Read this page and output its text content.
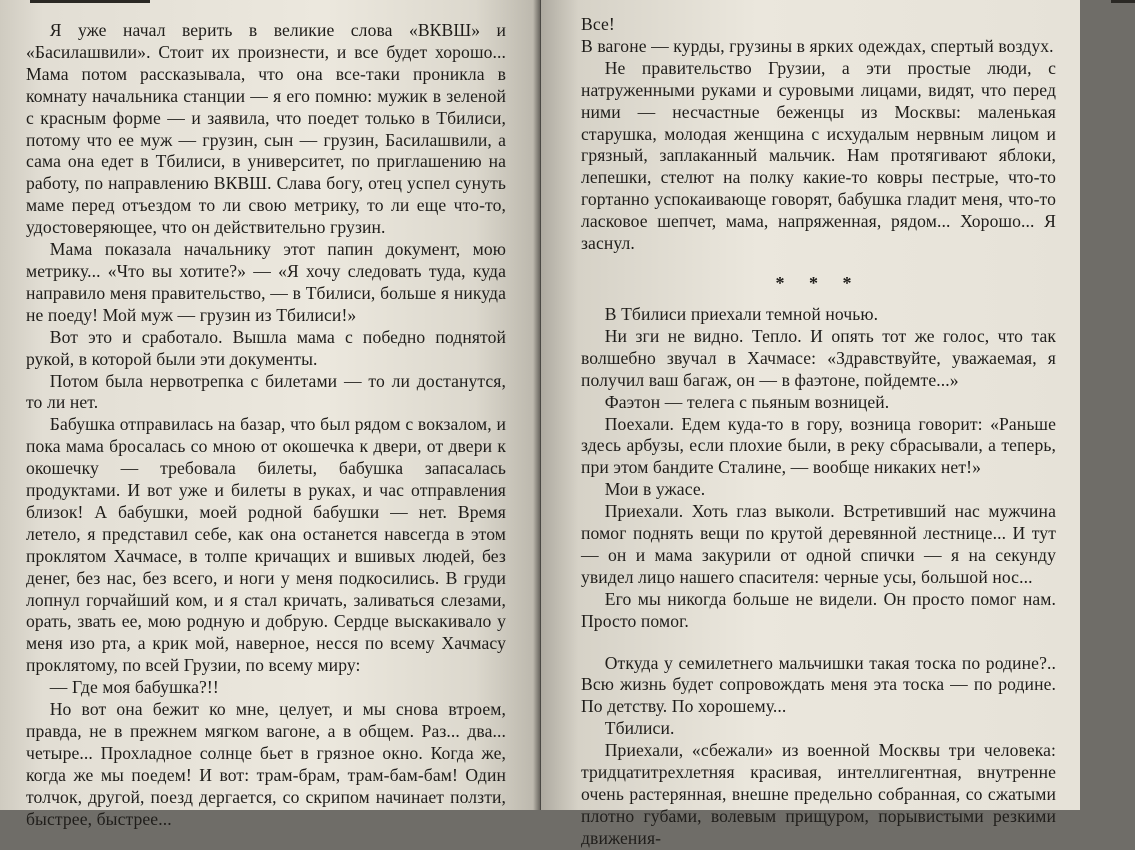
Я уже начал верить в великие слова «ВКВШ» и «Басилашвили». Стоит их произнести, и все будет хорошо... Мама потом рассказывала, что она все-таки проникла в комнату начальника станции — я его помню: мужик в зеленой с красным форме — и заявила, что поедет только в Тбилиси, потому что ее муж — грузин, сын — грузин, Басилашвили, а сама она едет в Тбилиси, в университет, по приглашению на работу, по направлению ВКВШ. Слава богу, отец успел сунуть маме перед отъездом то ли свою метрику, то ли еще что-то, удостоверяющее, что он действительно грузин.

Мама показала начальнику этот папин документ, мою метрику... «Что вы хотите?» — «Я хочу следовать туда, куда направило меня правительство, — в Тбилиси, больше я никуда не поеду! Мой муж — грузин из Тбилиси!»

Вот это и сработало. Вышла мама с победно поднятой рукой, в которой были эти документы.

Потом была нервотрепка с билетами — то ли достанутся, то ли нет.

Бабушка отправилась на базар, что был рядом с вокзалом, и пока мама бросалась со мною от окошечка к двери, от двери к окошечку — требовала билеты, бабушка запасалась продуктами. И вот уже и билеты в руках, и час отправления близок! А бабушки, моей родной бабушки — нет. Время летело, я представил себе, как она останется навсегда в этом проклятом Хачмасе, в толпе кричащих и вшивых людей, без денег, без нас, без всего, и ноги у меня подкосились. В груди лопнул горчайший ком, и я стал кричать, заливаться слезами, орать, звать ее, мою родную и добрую. Сердце выскакивало у меня изо рта, а крик мой, наверное, несся по всему Хачмасу проклятому, по всей Грузии, по всему миру:

— Где моя бабушка?!!

Но вот она бежит ко мне, целует, и мы снова втроем, правда, не в прежнем мягком вагоне, а в общем. Раз... два... четыре... Прохладное солнце бьет в грязное окно. Когда же, когда же мы поедем! И вот: трам-брам, трам-бам-бам! Один толчок, другой, поезд дергается, со скрипом начинает ползти, быстрее, быстрее...

Все!

В вагоне — курды, грузины в ярких одеждах, спертый воздух.

Не правительство Грузии, а эти простые люди, с натруженными руками и суровыми лицами, видят, что перед ними — несчастные беженцы из Москвы: маленькая старушка, молодая женщина с исхудалым нервным лицом и грязный, заплаканный мальчик. Нам протягивают яблоки, лепешки, стелют на полку какие-то ковры пестрые, что-то гортанно успокаивающе говорят, бабушка гладит меня, что-то ласковое шепчет, мама, напряженная, рядом... Хорошо... Я заснул.

* * *

В Тбилиси приехали темной ночью.

Ни зги не видно. Тепло. И опять тот же голос, что так волшебно звучал в Хачмасе: «Здравствуйте, уважаемая, я получил ваш багаж, он — в фаэтоне, пойдемте...»

Фаэтон — телега с пьяным возницей.

Поехали. Едем куда-то в гору, возница говорит: «Раньше здесь арбузы, если плохие были, в реку сбрасывали, а теперь, при этом бандите Сталине, — вообще никаких нет!»

Мои в ужасе.

Приехали. Хоть глаз выколи. Встретивший нас мужчина помог поднять вещи по крутой деревянной лестнице... И тут — он и мама закурили от одной спички — я на секунду увидел лицо нашего спасителя: черные усы, большой нос...

Его мы никогда больше не видели. Он просто помог нам. Просто помог.

Откуда у семилетнего мальчишки такая тоска по родине?.. Всю жизнь будет сопровождать меня эта тоска — по родине. По детству. По хорошему...

Тбилиси.

Приехали, «сбежали» из военной Москвы три человека: тридцатитрехлетняя красивая, интеллигентная, внутренне очень растерянная, внешне предельно собранная, со сжатыми плотно губами, волевым прищуром, порывистыми резкими движения-
